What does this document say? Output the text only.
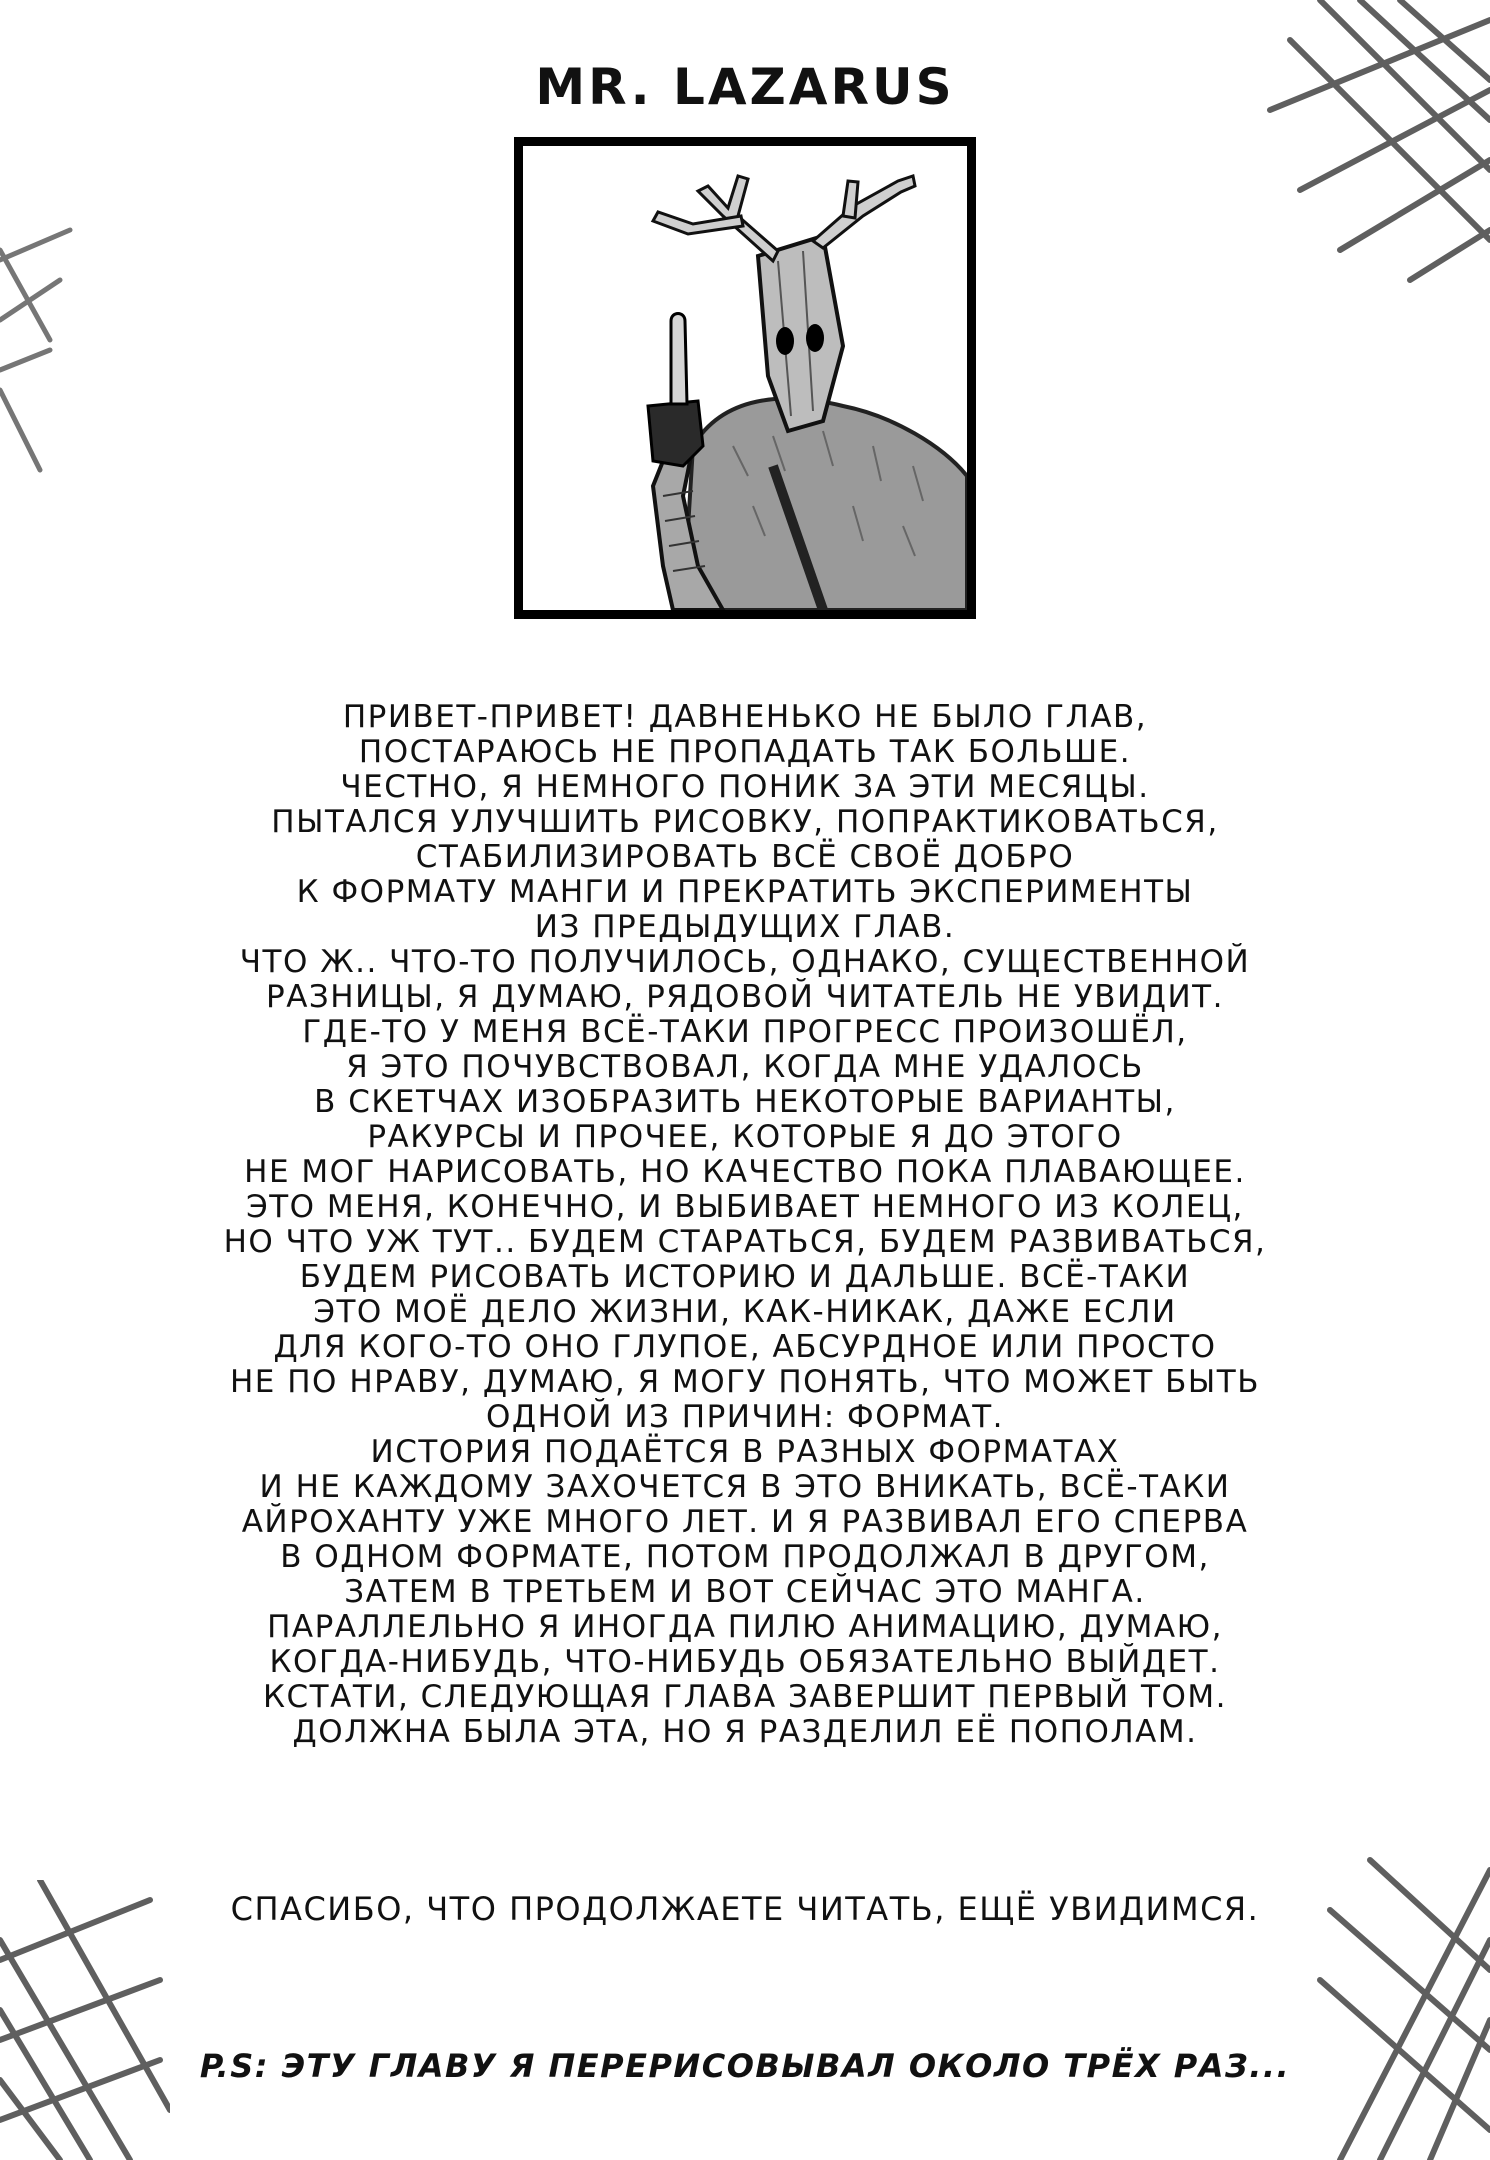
MR. LAZARUS
ПРИВЕТ-ПРИВЕТ! ДАВНЕНЬКО НЕ БЫЛО ГЛАВ,
ПОСТАРАЮСЬ НЕ ПРОПАДАТЬ ТАК БОЛЬШЕ.
ЧЕСТНО, Я НЕМНОГО ПОНИК ЗА ЭТИ МЕСЯЦЫ.
ПЫТАЛСЯ УЛУЧШИТЬ РИСОВКУ, ПОПРАКТИКОВАТЬСЯ,
СТАБИЛИЗИРОВАТЬ ВСЁ СВОЁ ДОБРО
К ФОРМАТУ МАНГИ И ПРЕКРАТИТЬ ЭКСПЕРИМЕНТЫ
ИЗ ПРЕДЫДУЩИХ ГЛАВ.
ЧТО Ж.. ЧТО-ТО ПОЛУЧИЛОСЬ, ОДНАКО, СУЩЕСТВЕННОЙ
РАЗНИЦЫ, Я ДУМАЮ, РЯДОВОЙ ЧИТАТЕЛЬ НЕ УВИДИТ.
ГДЕ-ТО У МЕНЯ ВСЁ-ТАКИ ПРОГРЕСС ПРОИЗОШЁЛ,
Я ЭТО ПОЧУВСТВОВАЛ, КОГДА МНЕ УДАЛОСЬ
В СКЕТЧАХ ИЗОБРАЗИТЬ НЕКОТОРЫЕ ВАРИАНТЫ,
РАКУРСЫ И ПРОЧЕЕ, КОТОРЫЕ Я ДО ЭТОГО
НЕ МОГ НАРИСОВАТЬ, НО КАЧЕСТВО ПОКА ПЛАВАЮЩЕЕ.
ЭТО МЕНЯ, КОНЕЧНО, И ВЫБИВАЕТ НЕМНОГО ИЗ КОЛЕЦ,
НО ЧТО УЖ ТУТ.. БУДЕМ СТАРАТЬСЯ, БУДЕМ РАЗВИВАТЬСЯ,
БУДЕМ РИСОВАТЬ ИСТОРИЮ И ДАЛЬШЕ. ВСЁ-ТАКИ
ЭТО МОЁ ДЕЛО ЖИЗНИ, КАК-НИКАК, ДАЖЕ ЕСЛИ
ДЛЯ КОГО-ТО ОНО ГЛУПОЕ, АБСУРДНОЕ ИЛИ ПРОСТО
НЕ ПО НРАВУ, ДУМАЮ, Я МОГУ ПОНЯТЬ, ЧТО МОЖЕТ БЫТЬ
ОДНОЙ ИЗ ПРИЧИН: ФОРМАТ.
ИСТОРИЯ ПОДАЁТСЯ В РАЗНЫХ ФОРМАТАХ
И НЕ КАЖДОМУ ЗАХОЧЕТСЯ В ЭТО ВНИКАТЬ, ВСЁ-ТАКИ
АЙРОХАНТУ УЖЕ МНОГО ЛЕТ. И Я РАЗВИВАЛ ЕГО СПЕРВА
В ОДНОМ ФОРМАТЕ, ПОТОМ ПРОДОЛЖАЛ В ДРУГОМ,
ЗАТЕМ В ТРЕТЬЕМ И ВОТ СЕЙЧАС ЭТО МАНГА.
ПАРАЛЛЕЛЬНО Я ИНОГДА ПИЛЮ АНИМАЦИЮ, ДУМАЮ,
КОГДА-НИБУДЬ, ЧТО-НИБУДЬ ОБЯЗАТЕЛЬНО ВЫЙДЕТ.
КСТАТИ, СЛЕДУЮЩАЯ ГЛАВА ЗАВЕРШИТ ПЕРВЫЙ ТОМ.
ДОЛЖНА БЫЛА ЭТА, НО Я РАЗДЕЛИЛ ЕЁ ПОПОЛАМ.
СПАСИБО, ЧТО ПРОДОЛЖАЕТЕ ЧИТАТЬ, ЕЩЁ УВИДИМСЯ.
P.S: ЭТУ ГЛАВУ Я ПЕРЕРИСОВЫВАЛ ОКОЛО ТРЁХ РАЗ...
